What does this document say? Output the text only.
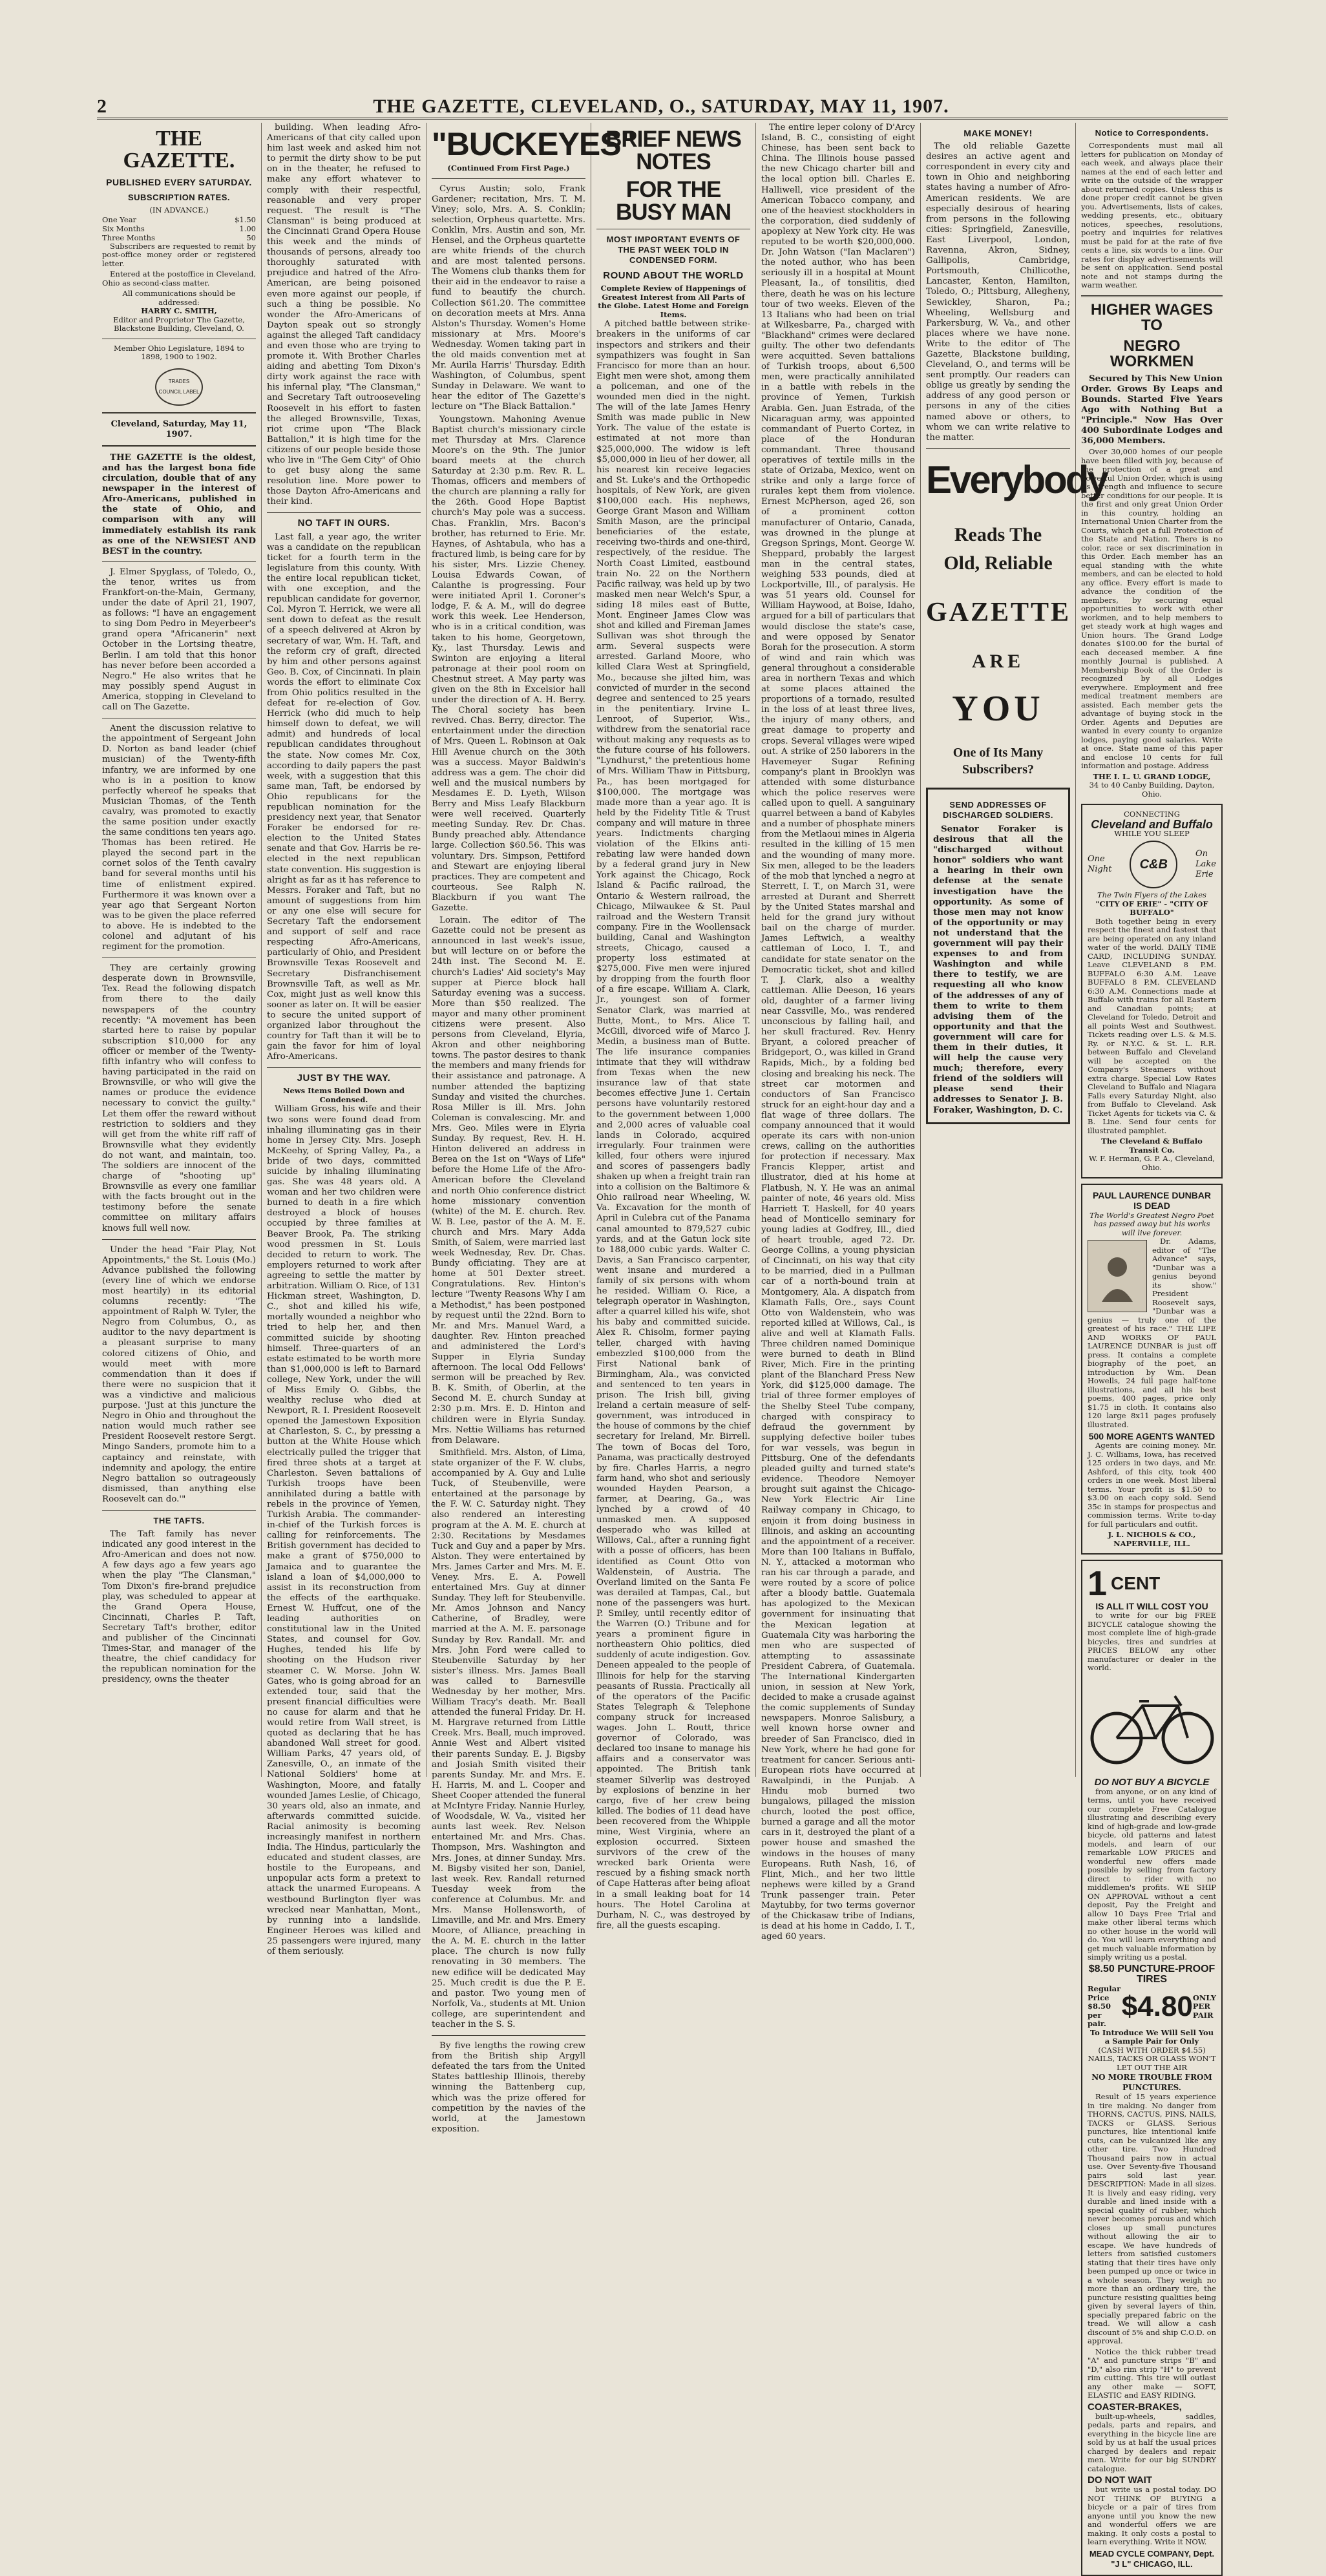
2	THE GAZETTE, CLEVELAND, O., SATURDAY, MAY 11, 1907.
THE GAZETTE.
PUBLISHED EVERY SATURDAY.
SUBSCRIPTION RATES.
(IN ADVANCE.)
One Year	$1.50
Six Months	1.00
Three Months	50

Subscribers are requested to remit by post-office money order or registered letter.

Entered at the postoffice in Cleveland, Ohio as second-class matter.

All communications should be addressed:
HARRY C. SMITH,
Editor and Proprietor The Gazette,
Blackstone Building, Cleveland, O.
Member Ohio Legislature, 1894 to 1898, 1900 to 1902.
TRADES COUNCIL LABEL
Cleveland, Saturday, May 11, 1907.

THE GAZETTE is the oldest, and has the largest bona fide circulation, double that of any newspaper in the interest of Afro-Americans, published in the state of Ohio, and comparison with any will immediately establish its rank as one of the NEWSIEST AND BEST in the country.

J. Elmer Spyglass, of Toledo, O., the tenor, writes us from Frankfort-on-the-Main, Germany, under the date of April 21, 1907, as follows: "I have an engagement to sing Dom Pedro in Meyerbeer's grand opera "Africanerin" next October in the Lortsing theatre, Berlin. I am told that this honor has never before been accorded a Negro." He also writes that he may possibly spend August in America, stopping in Cleveland to call on The Gazette.

Anent the discussion relative to the appointment of Sergeant John D. Norton as band leader (chief musician) of the Twenty-fifth infantry, we are informed by one who is in a position to know perfectly whereof he speaks that Musician Thomas, of the Tenth cavalry, was promoted to exactly the same position under exactly the same conditions ten years ago. Thomas has been retired. He played the second part in the cornet solos of the Tenth cavalry band for several months until his time of enlistment expired. Furthermore it was known over a year ago that Sergeant Norton was to be given the place referred to above. He is indebted to the colonel and adjutant of his regiment for the promotion.

They are certainly growing desperate down in Brownsville, Tex. Read the following dispatch from there to the daily newspapers of the country recently: "A movement has been started here to raise by popular subscription $10,000 for any officer or member of the Twenty-fifth infantry who will confess to having participated in the raid on Brownsville, or who will give the names or produce the evidence necessary to convict the guilty." Let them offer the reward without restriction to soldiers and they will get from the white riff raff of Brownsville what they evidently do not want, and maintain, too. The soldiers are innocent of the charge of "shooting up" Brownsville as every one familiar with the facts brought out in the testimony before the senate committee on military affairs knows full well now.

Under the head "Fair Play, Not Appointments," the St. Louis (Mo.) Advance published the following (every line of which we endorse most heartily) in its editorial columns recently: "The appointment of Ralph W. Tyler, the Negro from Columbus, O., as auditor to the navy department is a pleasant surprise to many colored citizens of Ohio, and would meet with more commendation than it does if there were no suspicion that it was a vindictive and malicious purpose. 'Just at this juncture the Negro in Ohio and throughout the nation would much rather see President Roosevelt restore Sergt. Mingo Sanders, promote him to a captaincy and reinstate, with indemnity and apology, the entire Negro battalion so outrageously dismissed, than anything else Roosevelt can do.'"

THE TAFTS.

The Taft family has never indicated any good interest in the Afro-American and does not now. A few days ago a few years ago when the play "The Clansman," Tom Dixon's fire-brand prejudice play, was scheduled to appear at the Grand Opera House, Cincinnati, Charles P. Taft, Secretary Taft's brother, editor and publisher of the Cincinnati Times-Star, and manager of the theatre, the chief candidacy for the republican nomination for the presidency, owns the theater

building. When leading Afro-Americans of that city called upon him last week and asked him not to permit the dirty show to be put on in the theater, he refused to make any effort whatever to comply with their respectful, reasonable and very proper request. The result is "The Clansman" is being produced at the Cincinnati Grand Opera House this week and the minds of thousands of persons, already too thoroughly saturated with prejudice and hatred of the Afro-American, are being poisoned even more against our people, if such a thing be possible. No wonder the Afro-Americans of Dayton speak out so strongly against the alleged Taft candidacy and even those who are trying to promote it. With Brother Charles aiding and abetting Tom Dixon's dirty work against the race with his infernal play, "The Clansman," and Secretary Taft outrooseveling Roosevelt in his effort to fasten the alleged Brownsville, Texas, riot crime upon "The Black Battalion," it is high time for the citizens of our people beside those who live in "The Gem City" of Ohio to get busy along the same resolution line. More power to those Dayton Afro-Americans and their kind.

NO TAFT IN OURS.

Last fall, a year ago, the writer was a candidate on the republican ticket for a fourth term in the legislature from this county. With the entire local republican ticket, with one exception, and the republican candidate for governor, Col. Myron T. Herrick, we were all sent down to defeat as the result of a speech delivered at Akron by secretary of war, Wm. H. Taft, and the reform cry of graft, directed by him and other persons against Geo. B. Cox, of Cincinnati. In plain words the effort to eliminate Cox from Ohio politics resulted in the defeat for re-election of Gov. Herrick (who did much to help himself down to defeat, we will admit) and hundreds of local republican candidates throughout the state. Now comes Mr. Cox, according to daily papers the past week, with a suggestion that this same man, Taft, be endorsed by Ohio republicans for the republican nomination for the presidency next year, that Senator Foraker be endorsed for re-election to the United States senate and that Gov. Harris be re-elected in the next republican state convention. His suggestion is alright as far as it has reference to Messrs. Foraker and Taft, but no amount of suggestions from him or any one else will secure for Secretary Taft the endorsement and support of self and race respecting Afro-Americans, particularly of Ohio, and President Brownsville Texas Roosevelt and Secretary Disfranchisement Brownsville Taft, as well as Mr. Cox, might just as well know this sooner as later on. It will be easier to secure the united support of organized labor throughout the country for Taft than it will be to gain the favor for him of loyal Afro-Americans.

JUST BY THE WAY.
News Items Boiled Down and Condensed.

William Gross, his wife and their two sons were found dead from inhaling illuminating gas in their home in Jersey City. Mrs. Joseph McKeehy, of Spring Valley, Pa., a bride of two days, committed suicide by inhaling illuminating gas. She was 48 years old. A woman and her two children were burned to death in a fire which destroyed a block of houses occupied by three families at Beaver Brook, Pa. The striking wood pressmen in St. Louis decided to return to work. The employers returned to work after agreeing to settle the matter by arbitration. William O. Rice, of 131 Hickman street, Washington, D. C., shot and killed his wife, mortally wounded a neighbor who tried to help her, and then committed suicide by shooting himself. Three-quarters of an estate estimated to be worth more than $1,000,000 is left to Barnard college, New York, under the will of Miss Emily O. Gibbs, the wealthy recluse who died at Newport, R. I. President Roosevelt opened the Jamestown Exposition at Charleston, S. C., by pressing a button at the White House which electrically pulled the trigger that fired three shots at a target at Charleston. Seven battalions of Turkish troops have been annihilated during a battle with rebels in the province of Yemen, Turkish Arabia. The commander-in-chief of the Turkish forces is calling for reinforcements. The British government has decided to make a grant of $750,000 to Jamaica and to guarantee the island a loan of $4,000,000 to assist in its reconstruction from the effects of the earthquake. Ernest W. Huffcut, one of the leading authorities on constitutional law in the United States, and counsel for Gov. Hughes, tended his life by shooting on the Hudson river steamer C. W. Morse. John W. Gates, who is going abroad for an extended tour, said that the present financial difficulties were no cause for alarm and that he would retire from Wall street, is quoted as declaring that he has abandoned Wall street for good. William Parks, 47 years old, of Zanesville, O., an inmate of the National Soldiers' home at Washington, Moore, and fatally wounded James Leslie, of Chicago, 30 years old, also an inmate, and afterwards committed suicide. Racial animosity is becoming increasingly manifest in northern India. The Hindus, particularly the educated and student classes, are hostile to the Europeans, and unpopular acts form a pretext to attack the unarmed Europeans. A westbound Burlington flyer was wrecked near Manhattan, Mont., by running into a landslide. Engineer Heroes was killed and 25 passengers were injured, many of them seriously.

"BUCKEYES"
(Continued From First Page.)

Cyrus Austin; solo, Frank Gardener; recitation, Mrs. T. M. Viney; solo, Mrs. A. S. Conklin; selection, Orpheus quartette. Mrs. Conklin, Mrs. Austin and son, Mr. Hensel, and the Orpheus quartette are white friends of the church and are most talented persons. The Womens club thanks them for their aid in the endeavor to raise a fund to beautify the church. Collection $61.20. The committee on decoration meets at Mrs. Anna Alston's Thursday. Women's Home missionary at Mrs. Moore's Wednesday. Women taking part in the old maids convention met at Mr. Aurila Harris' Thursday. Edith Washington, of Columbus, spent Sunday in Delaware. We want to hear the editor of The Gazette's lecture on "The Black Battalion."

Youngstown. Mahoning Avenue Baptist church's missionary circle met Thursday at Mrs. Clarence Moore's on the 9th. The junior board meets at the church Saturday at 2:30 p.m. Rev. R. L. Thomas, officers and members of the church are planning a rally for the 26th. Good Hope Baptist church's May pole was a success. Chas. Franklin, Mrs. Bacon's brother, has returned to Erie. Mr. Haynes, of Ashtabula, who has a fractured limb, is being care for by his sister, Mrs. Lizzie Cheney. Louisa Edwards Cowan, of Calanthe is progressing. Four were initiated April 1. Coroner's lodge, F. & A. M., will do degree work this week. Lee Henderson, who is in a critical condition, was taken to his home, Georgetown, Ky., last Thursday. Lewis and Swinton are enjoying a literal patronage at their pool room on Chestnut street. A May party was given on the 8th in Excelsior hall under the direction of A. H. Berry. The Choral society has been revived. Chas. Berry, director. The entertainment under the direction of Mrs. Queen L. Robinson at Oak Hill Avenue church on the 30th was a success. Mayor Baldwin's address was a gem. The choir did well and the musical numbers by Mesdames E. D. Lyeth, Wilson Berry and Miss Leafy Blackburn were well received. Quarterly meeting Sunday. Rev. Dr. Chas. Bundy preached ably. Attendance large. Collection $60.56. This was voluntary. Drs. Simpson, Pettiford and Stewart are enjoying liberal practices. They are competent and courteous. See Ralph N. Blackburn if you want The Gazette.

Lorain. The editor of The Gazette could not be present as announced in last week's issue, but will lecture on or before the 24th inst. The Second M. E. church's Ladies' Aid society's May supper at Pierce block hall Saturday evening was a success. More than $50 realized. The mayor and many other prominent citizens were present. Also persons from Cleveland, Elyria, Akron and other neighboring towns. The pastor desires to thank the members and many friends for their assistance and patronage. A number attended the baptizing Sunday and visited the churches. Rosa Miller is ill. Mrs. John Coleman is convalescing. Mr. and Mrs. Geo. Miles were in Elyria Sunday. By request, Rev. H. H. Hinton delivered an address in Berea on the 1st on "Ways of Life" before the Home Life of the Afro-American before the Cleveland and north Ohio conference district home missionary convention (white) of the M. E. church. Rev. W. B. Lee, pastor of the A. M. E. church and Mrs. Mary Adda Smith, of Salem, were married last week Wednesday, Rev. Dr. Chas. Bundy officiating. They are at home at 501 Dexter street. Congratulations. Rev. Hinton's lecture "Twenty Reasons Why I am a Methodist," has been postponed by request until the 22nd. Born to Mr. and Mrs. Manuel Ward, a daughter. Rev. Hinton preached and administered the Lord's Supper in Elyria Sunday afternoon. The local Odd Fellows' sermon will be preached by Rev. B. K. Smith, of Oberlin, at the Second M. E. church Sunday at 2:30 p.m. Mrs. E. D. Hinton and children were in Elyria Sunday. Mrs. Nettie Williams has returned from Delaware.

Smithfield. Mrs. Alston, of Lima, state organizer of the F. W. clubs, accompanied by A. Guy and Lulie Tuck, of Steubenville, were entertained at the parsonage by the F. W. C. Saturday night. They also rendered an interesting program at the A. M. E. church at 2:30. Recitations by Mesdames Tuck and Guy and a paper by Mrs. Alston. They were entertained by Mrs. James Carter and Mrs. M. E. Veney. Mrs. E. A. Powell entertained Mrs. Guy at dinner Sunday. They left for Steubenville. Mr. Amos Johnson and Nancy Catherine, of Bradley, were married at the A. M. E. parsonage Sunday by Rev. Randall. Mr. and Mrs. John Ford were called to Steubenville Saturday by her sister's illness. Mrs. James Beall was called to Barnesville Wednesday by her mother, Mrs. William Tracy's death. Mr. Beall attended the funeral Friday. Dr. H. M. Hargrave returned from Little Creek. Mrs. Beall, much improved. Annie West and Albert visited their parents Sunday. E. J. Bigsby and Josiah Smith visited their parents Sunday. Mr. and Mrs. E. H. Harris, M. and L. Cooper and Sheet Cooper attended the funeral at McIntyre Friday. Nannie Hurley, of Woodsdale, W. Va., visited her aunts last week. Rev. Nelson entertained Mr. and Mrs. Chas. Thompson, Mrs. Washington and Mrs. Jones, at dinner Sunday. Mrs. M. Bigsby visited her son, Daniel, last week. Rev. Randall returned Tuesday week from the conference at Columbus. Mr. and Mrs. Manse Hollensworth, of Limaville, and Mr. and Mrs. Emery Moore, of Alliance, preaching in the A. M. E. church in the latter place. The church is now fully renovating in 30 members. The new edifice will be dedicated May 25. Much credit is due the P. E. and pastor. Two young men of Norfolk, Va., students at Mt. Union college, are superintendent and teacher in the S. S.

By five lengths the rowing crew from the British ship Argyll defeated the tars from the United States battleship Illinois, thereby winning the Battenberg cup, which was the prize offered for competition by the navies of the world, at the Jamestown exposition.

BRIEF NEWS NOTES
FOR THE BUSY MAN
MOST IMPORTANT EVENTS OF THE PAST WEEK TOLD IN CONDENSED FORM.
ROUND ABOUT THE WORLD
Complete Review of Happenings of Greatest Interest from All Parts of the Globe. Latest Home and Foreign Items.

A pitched battle between strike-breakers in the uniforms of car inspectors and strikers and their sympathizers was fought in San Francisco for more than an hour. Eight men were shot, among them a policeman, and one of the wounded men died in the night. The will of the late James Henry Smith was made public in New York. The value of the estate is estimated at not more than $25,000,000. The widow is left $5,000,000 in lieu of her dower, all his nearest kin receive legacies and St. Luke's and the Orthopedic hospitals, of New York, are given $100,000 each. His nephews, George Grant Mason and William Smith Mason, are the principal beneficiaries of the estate, receiving two-thirds and one-third, respectively, of the residue. The North Coast Limited, eastbound train No. 22 on the Northern Pacific railway, was held up by two masked men near Welch's Spur, a siding 18 miles east of Butte, Mont. Engineer James Clow was shot and killed and Fireman James Sullivan was shot through the arm. Several suspects were arrested. Garland Moore, who killed Clara West at Springfield, Mo., because she jilted him, was convicted of murder in the second degree and sentenced to 25 years in the penitentiary. Irvine L. Lenroot, of Superior, Wis., withdrew from the senatorial race without making any requests as to the future course of his followers. "Lyndhurst," the pretentious home of Mrs. William Thaw in Pittsburg, Pa., has been mortgaged for $100,000. The mortgage was made more than a year ago. It is held by the Fidelity Title & Trust company and will mature in three years. Indictments charging violation of the Elkins anti-rebating law were handed down by a federal grand jury in New York against the Chicago, Rock Island & Pacific railroad, the Ontario & Western railroad, the Chicago, Milwaukee & St. Paul railroad and the Western Transit company. Fire in the Woollensack building, Canal and Washington streets, Chicago, caused a property loss estimated at $275,000. Five men were injured by dropping from the fourth floor of a fire escape. William A. Clark, Jr., youngest son of former Senator Clark, was married at Butte, Mont., to Mrs. Alice T. McGill, divorced wife of Marco J. Medin, a business man of Butte. The life insurance companies intimate that they will withdraw from Texas when the new insurance law of that state becomes effective June 1. Certain persons have voluntarily restored to the government between 1,000 and 2,000 acres of valuable coal lands in Colorado, acquired irregularly. Four trainmen were killed, four others were injured and scores of passengers badly shaken up when a freight train ran into a collision on the Baltimore & Ohio railroad near Wheeling, W. Va. Excavation for the month of April in Culebra cut of the Panama canal amounted to 879,527 cubic yards, and at the Gatun lock site to 188,000 cubic yards. Walter C. Davis, a San Francisco carpenter, went insane and murdered a family of six persons with whom he resided. William O. Rice, a telegraph operator in Washington, after a quarrel killed his wife, shot his baby and committed suicide. Alex R. Chisolm, former paying teller, charged with having embezzled $100,000 from the First National bank of Birmingham, Ala., was convicted and sentenced to ten years in prison. The Irish bill, giving Ireland a certain measure of self-government, was introduced in the house of commons by the chief secretary for Ireland, Mr. Birrell. The town of Bocas del Toro, Panama, was practically destroyed by fire. Charles Harris, a negro farm hand, who shot and seriously wounded Hayden Pearson, a farmer, at Dearing, Ga., was lynched by a crowd of 40 unmasked men. A supposed desperado who was killed at Willows, Cal., after a running fight with a posse of officers, has been identified as Count Otto von Waldenstein, of Austria. The Overland limited on the Santa Fe was derailed at Tampas, Cal., but none of the passengers was hurt. P. Smiley, until recently editor of the Warren (O.) Tribune and for years a prominent figure in northeastern Ohio politics, died suddenly of acute indigestion. Gov. Deneen appealed to the people of Illinois for help for the starving peasants of Russia. Practically all of the operators of the Pacific States Telegraph & Telephone company struck for increased wages. John L. Routt, thrice governor of Colorado, was declared too insane to manage his affairs and a conservator was appointed. The British tank steamer Silverlip was destroyed by explosions of benzine in her cargo, five of her crew being killed. The bodies of 11 dead have been recovered from the Whipple mine, West Virginia, where an explosion occurred. Sixteen survivors of the crew of the wrecked bark Orienta were rescued by a fishing smack north of Cape Hatteras after being afloat in a small leaking boat for 14 hours. The Hotel Carolina at Durham, N. C., was destroyed by fire, all the guests escaping.

The entire leper colony of D'Arcy Island, B. C., consisting of eight Chinese, has been sent back to China. The Illinois house passed the new Chicago charter bill and the local option bill. Charles E. Halliwell, vice president of the American Tobacco company, and one of the heaviest stockholders in the corporation, died suddenly of apoplexy at New York city. He was reputed to be worth $20,000,000. Dr. John Watson ("Ian Maclaren") the noted author, who has been seriously ill in a hospital at Mount Pleasant, Ia., of tonsilitis, died there, death he was on his lecture tour of two weeks. Eleven of the 13 Italians who had been on trial at Wilkesbarre, Pa., charged with "Blackhand" crimes were declared guilty. The other two defendants were acquitted. Seven battalions of Turkish troops, about 6,500 men, were practically annihilated in a battle with rebels in the province of Yemen, Turkish Arabia. Gen. Juan Estrada, of the Nicaraguan army, was appointed commandant of Puerto Cortez, in place of the Honduran commandant. Three thousand operatives of textile mills in the state of Orizaba, Mexico, went on strike and only a large force of rurales kept them from violence. Ernest McPherson, aged 26, son of a prominent cotton manufacturer of Ontario, Canada, was drowned in the plunge at Gregson Springs, Mont. George W. Sheppard, probably the largest man in the central states, weighing 533 pounds, died at Lockportville, Ill., of paralysis. He was 51 years old. Counsel for William Haywood, at Boise, Idaho, argued for a bill of particulars that would disclose the state's case, and were opposed by Senator Borah for the prosecution. A storm of wind and rain which was general throughout a considerable area in northern Texas and which at some places attained the proportions of a tornado, resulted in the loss of at least three lives, the injury of many others, and great damage to property and crops. Several villages were wiped out. A strike of 250 laborers in the Havemeyer Sugar Refining company's plant in Brooklyn was attended with some disturbance which the police reserves were called upon to quell. A sanguinary quarrel between a band of Kabyles and a number of phosphate miners from the Metlaoui mines in Algeria resulted in the killing of 15 men and the wounding of many more. Six men, alleged to be the leaders of the mob that lynched a negro at Sterrett, I. T., on March 31, were arrested at Durant and Sherrett by the United States marshal and held for the grand jury without bail on the charge of murder. James Leftwich, a wealthy cattleman of Loco, I. T., and candidate for state senator on the Democratic ticket, shot and killed T. J. Clark, also a wealthy cattleman. Allie Deeson, 16 years old, daughter of a farmer living near Cassville, Mo., was rendered unconscious by falling hail, and her skull fractured. Rev. Henry Bryant, a colored preacher of Bridgeport, O., was killed in Grand Rapids, Mich., by a folding bed closing and breaking his neck. The street car motormen and conductors of San Francisco struck for an eight-hour day and a flat wage of three dollars. The company announced that it would operate its cars with non-union crews, calling on the authorities for protection if necessary. Max Francis Klepper, artist and illustrator, died at his home at Flatbush, N. Y. He was an animal painter of note, 46 years old. Miss Harriett T. Haskell, for 40 years head of Monticello seminary for young ladies at Godfrey, Ill., died of heart trouble, aged 72. Dr. George Collins, a young physician of Cincinnati, on his way that city to be married, died in a Pullman car of a north-bound train at Montgomery, Ala. A dispatch from Klamath Falls, Ore., says Count Otto von Waldenstein, who was reported killed at Willows, Cal., is alive and well at Klamath Falls. Three children named Dominique were burned to death in Blind River, Mich. Fire in the printing plant of the Blanchard Press New York, did $125,000 damage. The trial of three former employes of the Shelby Steel Tube company, charged with conspiracy to defraud the government by supplying defective boiler tubes for war vessels, was begun in Pittsburg. One of the defendants pleaded guilty and turned state's evidence. Theodore Nemoyer brought suit against the Chicago-New York Electric Air Line Railway company in Chicago, to enjoin it from doing business in Illinois, and asking an accounting and the appointment of a receiver. More than 100 Italians in Buffalo, N. Y., attacked a motorman who ran his car through a parade, and were routed by a score of police after a bloody battle. Guatemala has apologized to the Mexican government for insinuating that the Mexican legation at Guatemala City was harboring the men who are suspected of attempting to assassinate President Cabrera, of Guatemala. The International Kindergarten union, in session at New York, decided to make a crusade against the comic supplements of Sunday newspapers. Monroe Salisbury, a well known horse owner and breeder of San Francisco, died in New York, where he had gone for treatment for cancer. Serious anti-European riots have occurred at Rawalpindi, in the Punjab. A Hindu mob burned two bungalows, pillaged the mission church, looted the post office, burned a garage and all the motor cars in it, destroyed the plant of a power house and smashed the windows in the houses of many Europeans. Ruth Nash, 16, of Flint, Mich., and her two little nephews were killed by a Grand Trunk passenger train. Peter Maytubby, for two terms governor of the Chickasaw tribe of Indians, is dead at his home in Caddo, I. T., aged 60 years.

MAKE MONEY!

The old reliable Gazette desires an active agent and correspondent in every city and town in Ohio and neighboring states having a number of Afro-American residents. We are especially desirous of hearing from persons in the following cities: Springfield, Zanesville, East Liverpool, London, Ravenna, Akron, Sidney, Gallipolis, Cambridge, Portsmouth, Chillicothe, Lancaster, Kenton, Hamilton, Toledo, O.; Pittsburg, Allegheny, Sewickley, Sharon, Pa.; Wheeling, Wellsburg and Parkersburg, W. Va., and other places where we have none. Write to the editor of The Gazette, Blackstone building, Cleveland, O., and terms will be sent promptly. Our readers can oblige us greatly by sending the address of any good person or persons in any of the cities named above or others, to whom we can write relative to the matter.

Everybody
Reads The
Old, Reliable
GAZETTE
ARE
YOU
One of Its Many
Subscribers?
SEND ADDRESSES OF DISCHARGED SOLDIERS.

Senator Foraker is desirous that all the "discharged without honor" soldiers who want a hearing in their own defense at the senate investigation have the opportunity. As some of those men may not know of the opportunity or may not understand that the government will pay their expenses to and from Washington and while there to testify, we are requesting all who know of the addresses of any of them to write to them advising them of the opportunity and that the government will care for them in their duties, it will help the cause very much; therefore, every friend of the soldiers will please send their addresses to Senator J. B. Foraker, Washington, D. C.

Notice to Correspondents.

Correspondents must mail all letters for publication on Monday of each week, and always place their names at the end of each letter and write on the outside of the wrapper about returned copies. Unless this is done proper credit cannot be given you. Advertisements, lists of cakes, wedding presents, etc., obituary notices, speeches, resolutions, poetry and inquiries for relatives must be paid for at the rate of five cents a line, six words to a line. Our rates for display advertisements will be sent on application. Send postal note and not stamps during the warm weather.

HIGHER WAGES TO
NEGRO WORKMEN

Secured by This New Union Order. Grows By Leaps and Bounds. Started Five Years Ago with Nothing But a "Principle." Now Has Over 400 Subordinate Lodges and 36,000 Members.

Over 30,000 homes of our people have been filled with joy, because of the protection of a great and powerful Union Order, which is using its strength and influence to secure better conditions for our people. It is the first and only great Union Order in this country, holding an International Union Charter from the Courts, which get a full Protection of the State and Nation. There is no color, race or sex discrimination in this Order. Each member has an equal standing with the white members, and can be elected to hold any office. Every effort is made to advance the condition of the members, by securing equal opportunities to work with other workmen, and to help members to get steady work at high wages and Union hours. The Grand Lodge donates $100.00 for the burial of each deceased member. A fine monthly Journal is published. A Membership Book of the Order is recognized by all Lodges everywhere. Employment and free medical treatment members are assisted. Each member gets the advantage of buying stock in the Order. Agents and Deputies are wanted in every county to organize lodges, paying good salaries. Write at once. State name of this paper and enclose 10 cents for full information and postage. Address

THE I. L. U. GRAND LODGE,
34 to 40 Canby Building, Dayton, Ohio.
CONNECTING
Cleveland and Buffalo
WHILE YOU SLEEP
One
Night C&B
On
Lake
Erie
The Twin Flyers of the Lakes
"CITY OF ERIE" - "CITY OF BUFFALO"

Both together being in every respect the finest and fastest that are being operated on any inland water of the world. DAILY TIME CARD, INCLUDING SUNDAY. Leave CLEVELAND 8 P.M. BUFFALO 6:30 A.M. Leave BUFFALO 8 P.M. CLEVELAND 6:30 A.M. Connections made at Buffalo with trains for all Eastern and Canadian points; at Cleveland for Toledo, Detroit and all points West and Southwest. Tickets reading over L.S. & M.S. Ry. or N.Y.C. & St. L. R.R. between Buffalo and Cleveland will be accepted on the Company's Steamers without extra charge. Special Low Rates Cleveland to Buffalo and Niagara Falls every Saturday Night, also from Buffalo to Cleveland. Ask Ticket Agents for tickets via C. & B. Line. Send four cents for illustrated pamphlet.

The Cleveland & Buffalo Transit Co.
W. F. Herman, G. P. A., Cleveland, Ohio.
PAUL LAURENCE DUNBAR IS DEAD
The World's Greatest Negro Poet has passed away but his works will live forever.

Dr. Adams, editor of "The Advance" says, "Dunbar was a genius beyond its show." President Roosevelt says, "Dunbar was a genius — truly one of the greatest of his race." THE LIFE AND WORKS OF PAUL LAURENCE DUNBAR is just off press. It contains a complete biography of the poet, an introduction by Wm. Dean Howells, 24 full page half-tone illustrations, and all his best poems, 400 pages, price only $1.75 in cloth. It contains also 120 large 8x11 pages profusely illustrated.

500 MORE AGENTS WANTED

Agents are coining money. Mr. J. C. Williams, Iowa, has received 125 orders in two days, and Mr. Ashford, of this city, took 400 orders in one week. Most liberal terms. Your profit is $1.50 to $3.00 on each copy sold. Send 35c in stamps for prospectus and commission terms. Write to-day for full particulars and outfit.

J. L. NICHOLS & CO., NAPERVILLE, ILL.
1 CENT
IS ALL IT WILL COST YOU

to write for our big FREE BICYCLE catalogue showing the most complete line of high-grade bicycles, tires and sundries at PRICES BELOW any other manufacturer or dealer in the world.

DO NOT BUY A BICYCLE

from anyone, or on any kind of terms, until you have received our complete Free Catalogue illustrating and describing every kind of high-grade and low-grade bicycle, old patterns and latest models, and learn of our remarkable LOW PRICES and wonderful new offers made possible by selling from factory direct to rider with no middlemen's profits. WE SHIP ON APPROVAL without a cent deposit, Pay the Freight and allow 10 Days Free Trial and make other liberal terms which no other house in the world will do. You will learn everything and get much valuable information by simply writing us a postal.

$8.50 PUNCTURE-PROOF TIRES
Regular Price $8.50 per pair.
$4.80 ONLY
PER PAIR
To Introduce We Will Sell You a Sample Pair for Only
(CASH WITH ORDER $4.55)
NAILS, TACKS OR GLASS WON'T LET OUT THE AIR
NO MORE TROUBLE FROM PUNCTURES.

Result of 15 years experience in tire making. No danger from THORNS, CACTUS, PINS, NAILS, TACKS or GLASS. Serious punctures, like intentional knife cuts, can be vulcanized like any other tire. Two Hundred Thousand pairs now in actual use. Over Seventy-five Thousand pairs sold last year. DESCRIPTION: Made in all sizes. It is lively and easy riding, very durable and lined inside with a special quality of rubber, which never becomes porous and which closes up small punctures without allowing the air to escape. We have hundreds of letters from satisfied customers stating that their tires have only been pumped up once or twice in a whole season. They weigh no more than an ordinary tire, the puncture resisting qualities being given by several layers of thin, specially prepared fabric on the tread. We will allow a cash discount of 5% and ship C.O.D. on approval.

Notice the thick rubber tread "A" and puncture strips "B" and "D," also rim strip "H" to prevent rim cutting. This tire will outlast any other make — SOFT, ELASTIC and EASY RIDING.

COASTER-BRAKES,

built-up-wheels, saddles, pedals, parts and repairs, and everything in the bicycle line are sold by us at half the usual prices charged by dealers and repair men. Write for our big SUNDRY catalogue.

DO NOT WAIT

but write us a postal today. DO NOT THINK OF BUYING a bicycle or a pair of tires from anyone until you know the new and wonderful offers we are making. It only costs a postal to learn everything. Write it NOW.

MEAD CYCLE COMPANY, Dept. "J L" CHICAGO, ILL.
